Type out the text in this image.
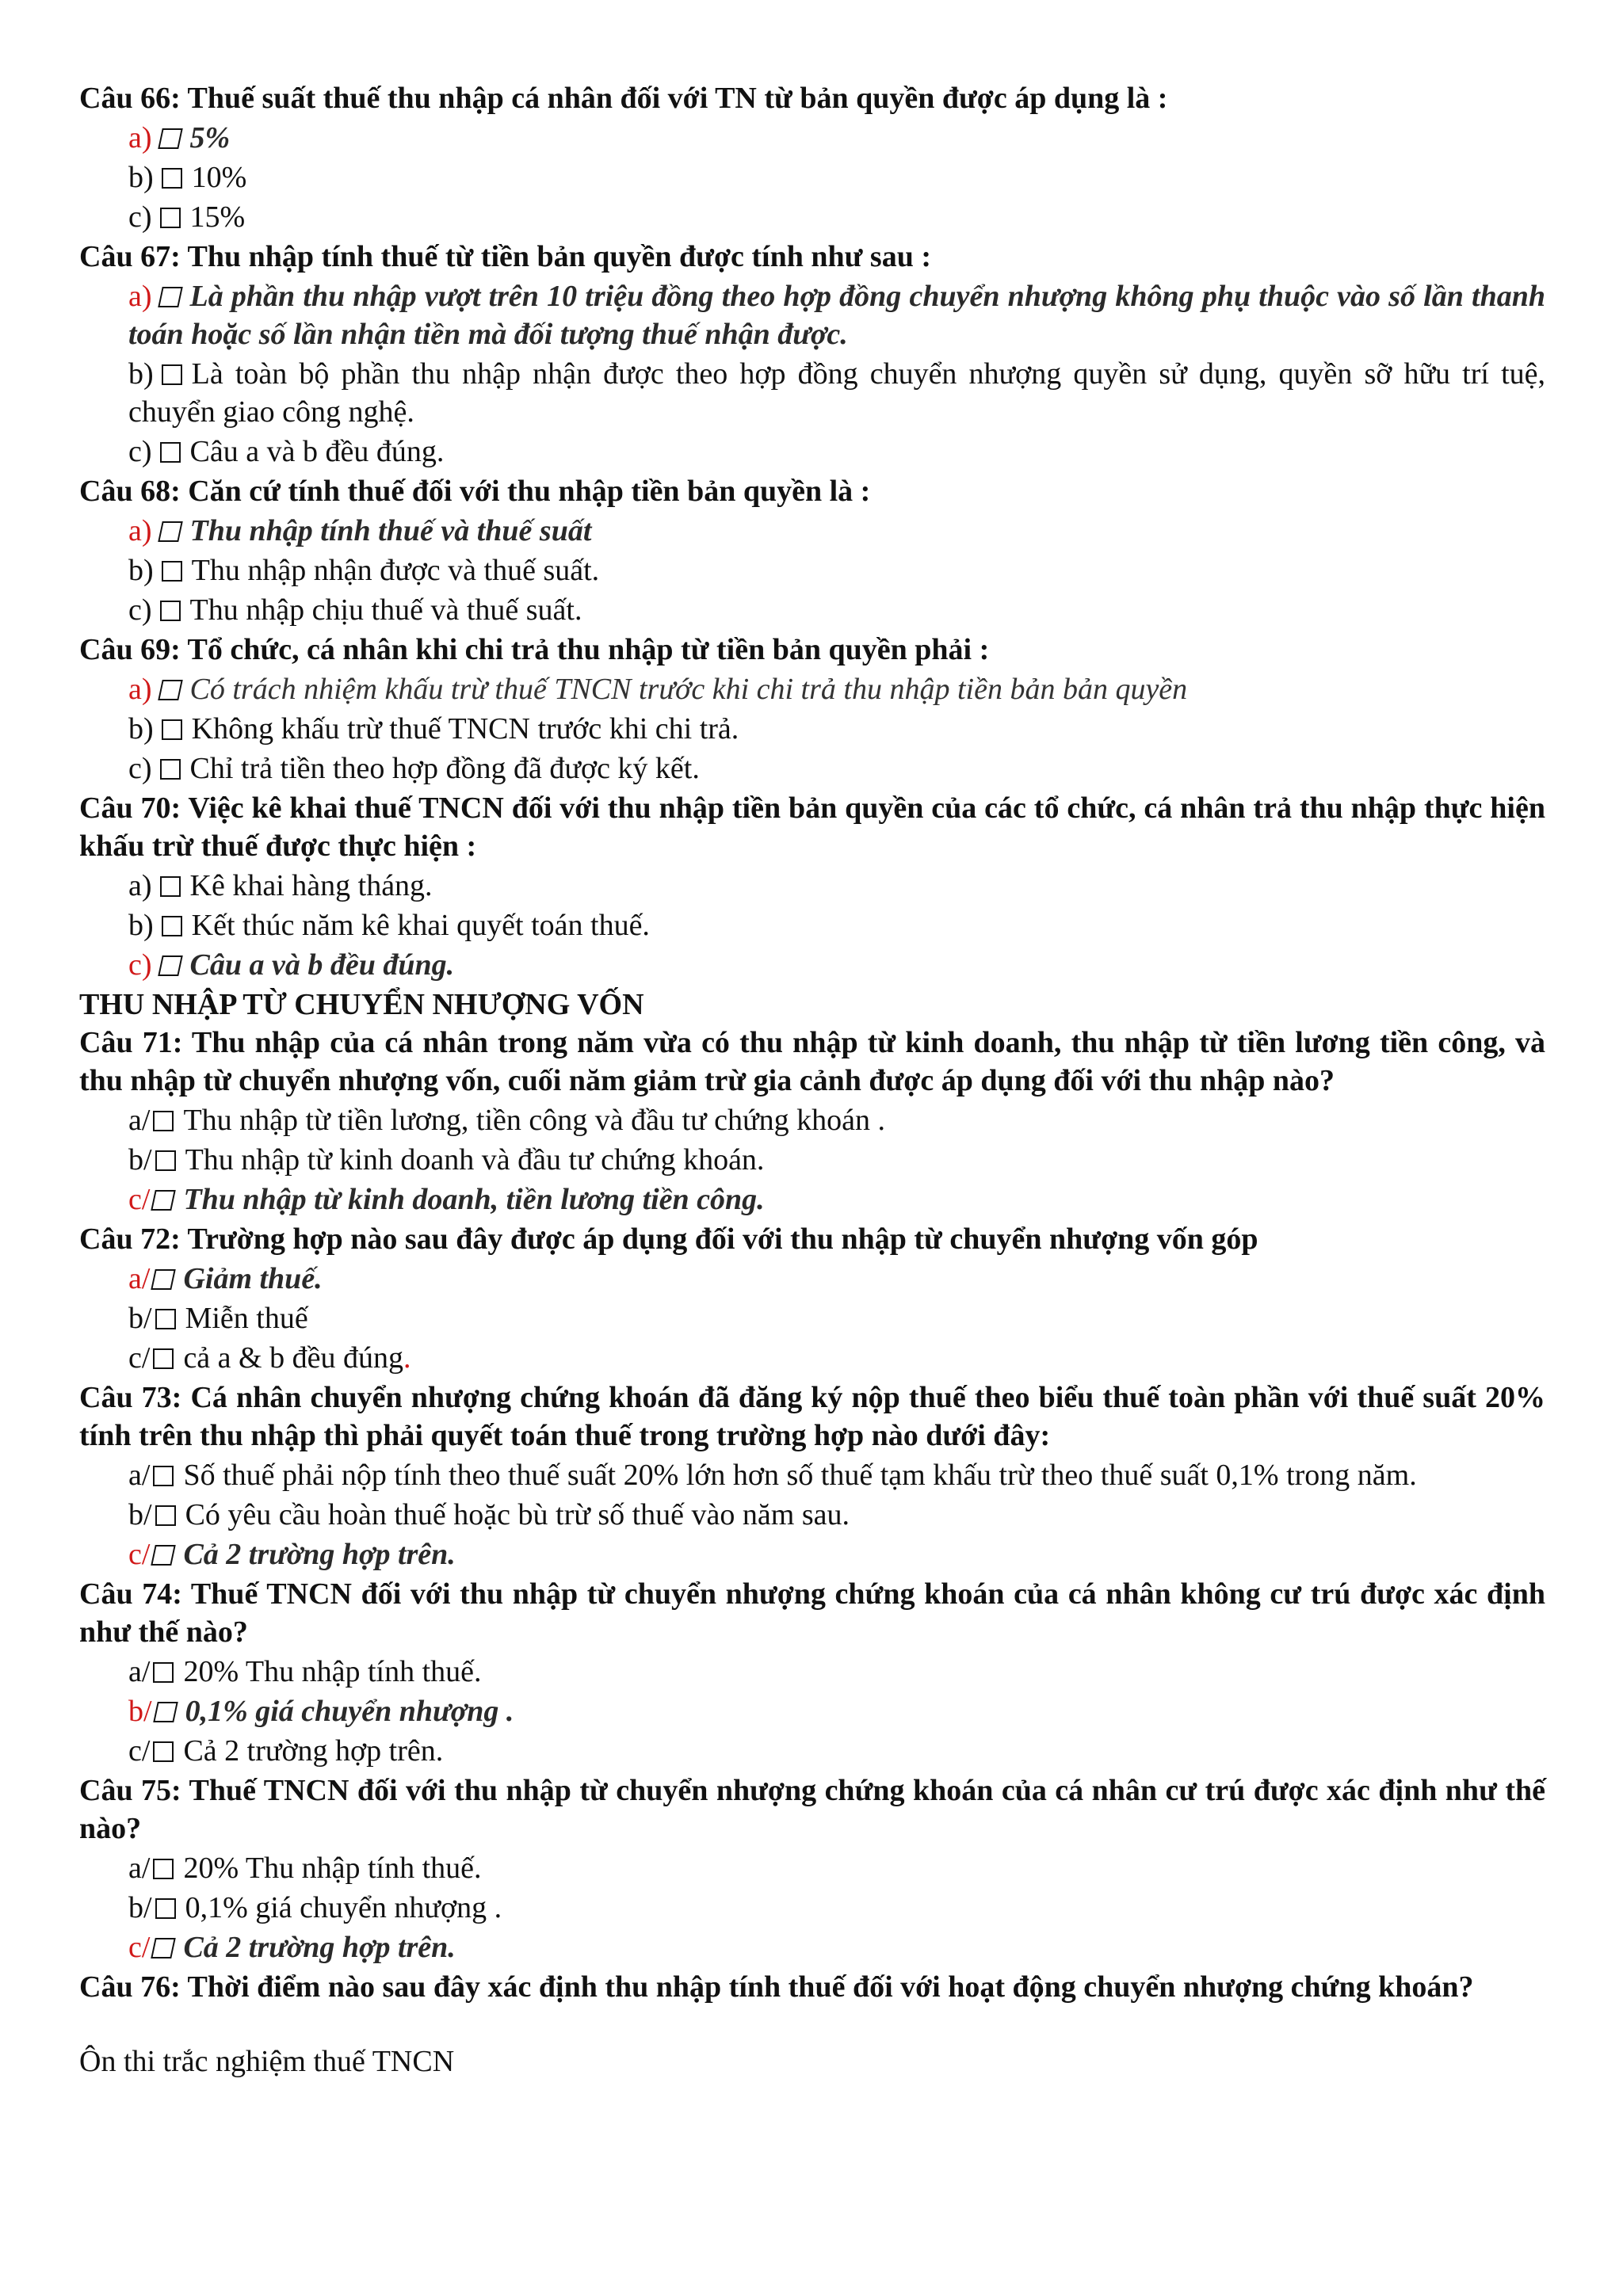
Câu 66: Thuế suất thuế thu nhập cá nhân đối với TN từ bản quyền được áp dụng là :

a) 5%
b) 10%
c) 15%

Câu 67: Thu nhập tính thuế từ tiền bản quyền được tính như sau :

a) Là phần thu nhập vượt trên 10 triệu đồng theo hợp đồng chuyển nhượng không phụ thuộc vào số lần thanh toán hoặc số lần nhận tiền mà đối tượng thuế nhận được.
b) Là toàn bộ phần thu nhập nhận được theo hợp đồng chuyển nhượng quyền sử dụng, quyền sỡ hữu trí tuệ, chuyển giao công nghệ.
c) Câu a và b đều đúng.

Câu 68: Căn cứ tính thuế đối với thu nhập tiền bản quyền là :

a) Thu nhập tính thuế và thuế suất
b) Thu nhập nhận được và thuế suất.
c) Thu nhập chịu thuế và thuế suất.

Câu 69: Tổ chức, cá nhân khi chi trả thu nhập từ tiền bản quyền phải :

a) Có trách nhiệm khấu trừ thuế TNCN trước khi chi trả thu nhập tiền bản bản quyền
b) Không khấu trừ thuế TNCN trước khi chi trả.
c) Chỉ trả tiền theo hợp đồng đã được ký kết.

Câu 70: Việc kê khai thuế TNCN đối với thu nhập tiền bản quyền của các tổ chức, cá nhân trả thu nhập thực hiện khấu trừ thuế được thực hiện :

a) Kê khai hàng tháng.
b) Kết thúc năm kê khai quyết toán thuế.
c) Câu a và b đều đúng.

THU NHẬP TỪ CHUYỂN NHƯỢNG VỐN

Câu 71: Thu nhập của cá nhân trong năm vừa có thu nhập từ kinh doanh, thu nhập từ tiền lương tiền công, và thu nhập từ chuyển nhượng vốn, cuối năm giảm trừ gia cảnh được áp dụng đối với thu nhập nào?

a/ Thu nhập từ tiền lương, tiền công và đầu tư chứng khoán .
b/ Thu nhập từ kinh doanh và đầu tư chứng khoán.
c/ Thu nhập từ kinh doanh, tiền lương tiền công.

Câu 72: Trường hợp nào sau đây được áp dụng đối với thu nhập từ chuyển nhượng vốn góp

a/ Giảm thuế.
b/ Miễn thuế
c/ cả a & b đều đúng.

Câu 73: Cá nhân chuyển nhượng chứng khoán đã đăng ký nộp thuế theo biểu thuế toàn phần với thuế suất 20% tính trên thu nhập thì phải quyết toán thuế trong trường hợp nào dưới đây:

a/ Số thuế phải nộp tính theo thuế suất 20% lớn hơn số thuế tạm khấu trừ theo thuế suất 0,1% trong năm.
b/ Có yêu cầu hoàn thuế hoặc bù trừ số thuế vào năm sau.
c/ Cả 2 trường hợp trên.

Câu 74: Thuế TNCN đối với thu nhập từ chuyển nhượng chứng khoán của cá nhân không cư trú được xác định như thế nào?

a/ 20% Thu nhập tính thuế.
b/ 0,1% giá chuyển nhượng .
c/ Cả 2 trường hợp trên.

Câu 75: Thuế TNCN đối với thu nhập từ chuyển nhượng chứng khoán của cá nhân cư trú được xác định như thế nào?

a/ 20% Thu nhập tính thuế.
b/ 0,1% giá chuyển nhượng .
c/ Cả 2 trường hợp trên.

Câu 76: Thời điểm nào sau đây xác định thu nhập tính thuế đối với hoạt động chuyển nhượng chứng khoán?

Ôn thi trắc nghiệm thuế TNCN
